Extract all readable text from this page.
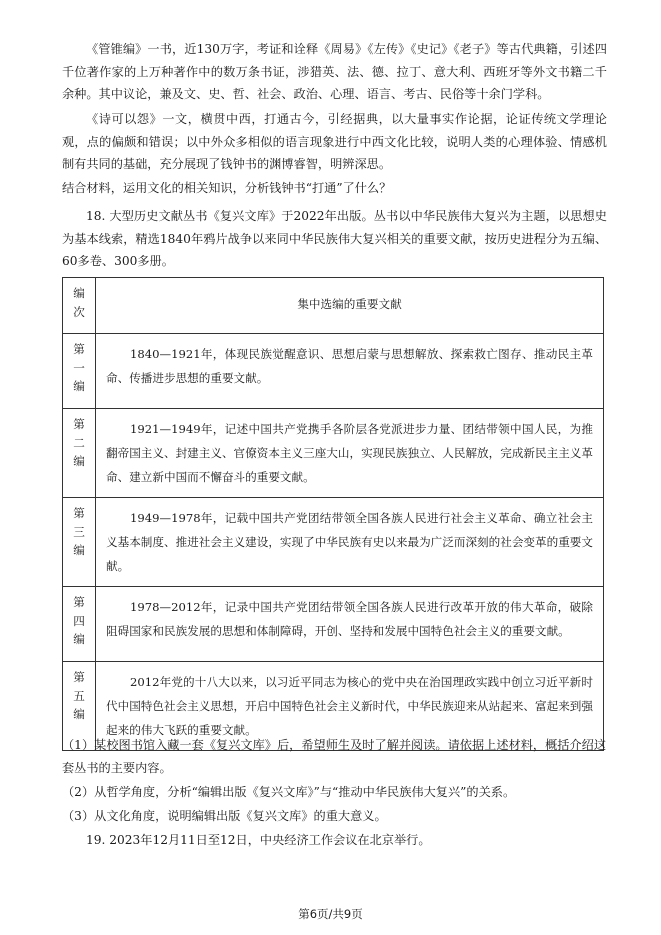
《管锥编》一书，近130万字，考证和诠释《周易》《左传》《史记》《老子》等古代典籍，引述四千位著作家的上万种著作中的数万条书证，涉猎英、法、德、拉丁、意大利、西班牙等外文书籍二千余种。其中议论，兼及文、史、哲、社会、政治、心理、语言、考古、民俗等十余门学科。

《诗可以怨》一文，横贯中西，打通古今，引经据典，以大量事实作论据，论证传统文学理论观，点的偏颇和错误；以中外众多相似的语言现象进行中西文化比较，说明人类的心理体验、情感机制有共同的基础，充分展现了钱钟书的渊博睿智，明辨深思。

结合材料，运用文化的相关知识，分析钱钟书“打通”了什么？

18. 大型历史文献丛书《复兴文库》于2022年出版。丛书以中华民族伟大复兴为主题，以思想史为基本线索，精选1840年鸦片战争以来同中华民族伟大复兴相关的重要文献，按历史进程分为五编、60多卷、300多册。

编
次	集中选编的重要文献

第
一
编	1840—1921年，体现民族觉醒意识、思想启蒙与思想解放、探索救亡图存、推动民主革命、传播进步思想的重要文献。

第
二
编	1921—1949年，记述中国共产党携手各阶层各党派进步力量、团结带领中国人民，为推翻帝国主义、封建主义、官僚资本主义三座大山，实现民族独立、人民解放，完成新民主主义革命、建立新中国而不懈奋斗的重要文献。

第
三
编	1949—1978年，记载中国共产党团结带领全国各族人民进行社会主义革命、确立社会主义基本制度、推进社会主义建设，实现了中华民族有史以来最为广泛而深刻的社会变革的重要文献。

第
四
编	1978—2012年，记录中国共产党团结带领全国各族人民进行改革开放的伟大革命，破除阻碍国家和民族发展的思想和体制障碍，开创、坚持和发展中国特色社会主义的重要文献。

第
五
编	2012年党的十八大以来，以习近平同志为核心的党中央在治国理政实践中创立习近平新时代中国特色社会主义思想，开启中国特色社会主义新时代，中华民族迎来从站起来、富起来到强起来的伟大飞跃的重要文献。

（1）某校图书馆入藏一套《复兴文库》后，希望师生及时了解并阅读。请依据上述材料，概括介绍这套丛书的主要内容。

（2）从哲学角度，分析“编辑出版《复兴文库》”与“推动中华民族伟大复兴”的关系。

（3）从文化角度，说明编辑出版《复兴文库》的重大意义。

19. 2023年12月11日至12日，中央经济工作会议在北京举行。

第6页/共9页
